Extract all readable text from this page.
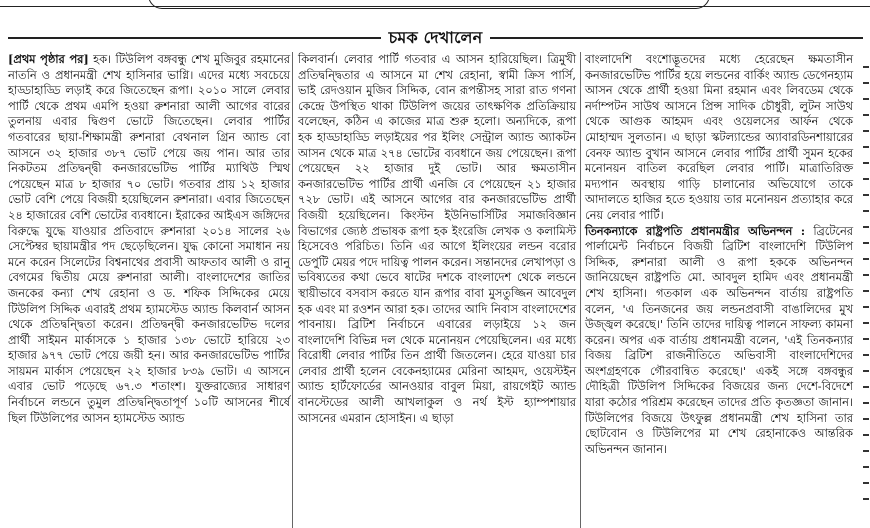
চমক দেখালেন

[প্রথম পৃষ্ঠার পর] হক। টিউলিপ বঙ্গবন্ধু শেখ মুজিবুর রহমানের নাতনি ও প্রধানমন্ত্রী শেখ হাসিনার ভাগ্নি। এদের মধ্যে সবচেয়ে হাড্ডাহাড্ডি লড়াই করে জিতেছেন রূপা। ২০১০ সালে লেবার পার্টি থেকে প্রথম এমপি হওয়া রুশনারা আলী আগের বারের তুলনায় এবার দ্বিগুণ ভোটে জিতেছেন। লেবার পার্টির গতবারের ছায়া-শিক্ষামন্ত্রী রুশনারা বেথনাল গ্রিন অ্যান্ড বো আসনে ৩২ হাজার ৩৮৭ ভোট পেয়ে জয় পান। আর তার নিকটতম প্রতিদ্বন্দ্বী কনজারভেটিভ পার্টির ম্যাথিউ স্মিথ পেয়েছেন মাত্র ৮ হাজার ৭০ ভোট। গতবার প্রায় ১২ হাজার ভোট বেশি পেয়ে বিজয়ী হয়েছিলেন রুশনারা। এবার জিতেছেন ২৪ হাজারের বেশি ভোটের ব্যবধানে। ইরাকের আইএস জঙ্গিদের বিরুদ্ধে যুদ্ধে যাওয়ার প্রতিবাদে রুশনারা ২০১৪ সালের ২৬ সেপ্টেম্বর ছায়ামন্ত্রীর পদ ছেড়েছিলেন। যুদ্ধ কোনো সমাধান নয় মনে করেন সিলেটের বিশ্বনাথের প্রবাসী আফতাব আলী ও রানু বেগমের দ্বিতীয় মেয়ে রুশনারা আলী। বাংলাদেশের জাতির জনকের কন্যা শেখ রেহানা ও ড. শফিক সিদ্দিকের মেয়ে টিউলিপ সিদ্দিক এবারই প্রথম হ্যামস্টেড অ্যান্ড কিলবার্ন আসন থেকে প্রতিদ্বন্দ্বিতা করেন। প্রতিদ্বন্দ্বী কনজারভেটিভ দলের প্রার্থী সাইমন মার্কাসকে ১ হাজার ১৩৮ ভোটে হারিয়ে ২৩ হাজার ৯৭৭ ভোট পেয়ে জয়ী হন। আর কনজারভেটিভ পার্টির সায়মন মার্কাস পেয়েছেন ২২ হাজার ৮৩৯ ভোট। এ আসনে এবার ভোট পড়েছে ৬৭.৩ শতাংশ। যুক্তরাজ্যের সাধারণ নির্বাচনে লন্ডনে তুমুল প্রতিদ্বন্দ্বিতাপূর্ণ ১০টি আসনের শীর্ষে ছিল টিউলিপের আসন হ্যামস্টেড অ্যান্ড

কিলবার্ন। লেবার পার্টি গতবার এ আসন হারিয়েছিল। ত্রিমুখী প্রতিদ্বন্দ্বিতার এ আসনে মা শেখ রেহানা, স্বামী ক্রিস পার্সি, ভাই রেদওয়ান মুজিব সিদ্দিক, বোন রূপন্তীসহ সারা রাত গণনা কেন্দ্রে উপস্থিত থাকা টিউলিপ জয়ের তাৎক্ষণিক প্রতিক্রিয়ায় বলেছেন, কঠিন এ কাজের মাত্র শুরু হলো। অন্যদিকে, রূপা হক হাড্ডাহাড্ডি লড়াইয়ের পর ইলিং সেন্ট্রাল অ্যান্ড অ্যাকটন আসন থেকে মাত্র ২৭৪ ভোটের ব্যবধানে জয় পেয়েছেন। রূপা পেয়েছেন ২২ হাজার দুই ভোট। আর ক্ষমতাসীন কনজারভেটিভ পার্টির প্রার্থী এনজি বে পেয়েছেন ২১ হাজার ৭২৮ ভোট। এই আসনে আগের বার কনজারভেটিভ প্রার্থী বিজয়ী হয়েছিলেন। কিংস্টন ইউনিভার্সিটির সমাজবিজ্ঞান বিভাগের জ্যেষ্ঠ প্রভাষক রূপা হক ইংরেজি লেখক ও কলামিস্ট হিসেবেও পরিচিত। তিনি এর আগে ইলিংয়ের লন্ডন বরোর ডেপুটি মেয়র পদে দায়িত্ব পালন করেন। সন্তানদের লেখাপড়া ও ভবিষ্যতের কথা ভেবে ষাটের দশকে বাংলাদেশ থেকে লন্ডনে স্থায়ীভাবে বসবাস করতে যান রূপার বাবা মুসতুজ্জিন আবেদুল হক এবং মা রওশন আরা হক। তাদের আদি নিবাস বাংলাদেশের পাবনায়। ব্রিটিশ নির্বাচনে এবারের লড়াইয়ে ১২ জন বাংলাদেশি বিভিন্ন দল থেকে মনোনয়ন পেয়েছিলেন। এর মধ্যে বিরোধী লেবার পার্টির তিন প্রার্থী জিতলেন। হেরে যাওয়া চার লেবার প্রার্থী হলেন বেকেনহ্যামের মেরিনা আহমদ, ওয়েস্টইন অ্যান্ড হার্টফোর্ডের আনওয়ার বাবুল মিয়া, রায়গেইট অ্যান্ড বানস্টেডের আলী আখলাকুল ও নর্থ ইস্ট হ্যাম্পশায়ার আসনের এমরান হোসাইন। এ ছাড়া

বাংলাদেশি বংশোদ্ভূতদের মধ্যে হেরেছেন ক্ষমতাসীন কনজারভেটিভ পার্টির হয়ে লন্ডনের বার্কিং অ্যান্ড ডেগেনহ্যাম আসন থেকে প্রার্থী হওয়া মিনা রহমান এবং লিবডেম থেকে নর্দাম্পটন সাউথ আসনে প্রিন্স সাদিক চৌধুরী, লুটন সাউথ থেকে আগুক আহমদ এবং ওয়েলসের আর্ফন থেকে মোহাম্মদ সুলতান। এ ছাড়া স্কটল্যান্ডের অ্যাবারডিনশায়ারের বেনফ অ্যান্ড বুখান আসনে লেবার পার্টির প্রার্থী সুমন হকের মনোনয়ন বাতিল করেছিল লেবার পার্টি। মাত্রাতিরিক্ত মদ্যপান অবস্থায় গাড়ি চালানোর অভিযোগে তাকে আদালতে হাজির হতে হওয়ায় তার মনোনয়ন প্রত্যাহার করে নেয় লেবার পার্টি।

তিনকন্যাকে রাষ্ট্রপতি প্রধানমন্ত্রীর অভিনন্দন : ব্রিটেনের পার্লামেন্ট নির্বাচনে বিজয়ী ব্রিটিশ বাংলাদেশি টিউলিপ সিদ্দিক, রুশনারা আলী ও রূপা হককে অভিনন্দন জানিয়েছেন রাষ্ট্রপতি মো. আবদুল হামিদ এবং প্রধানমন্ত্রী শেখ হাসিনা। গতকাল এক অভিনন্দন বার্তায় রাষ্ট্রপতি বলেন, 'এ তিনজনের জয় লন্ডনপ্রবাসী বাঙালিদের মুখ উজ্জ্বল করেছে।' তিনি তাদের দায়িত্ব পালনে সাফল্য কামনা করেন। অপর এক বার্তায় প্রধানমন্ত্রী বলেন, 'এই তিনকন্যার বিজয় ব্রিটিশ রাজনীতিতে অভিবাসী বাংলাদেশিদের অংশগ্রহণকে গৌরবান্বিত করেছে।' একই সঙ্গে বঙ্গবন্ধুর দৌহিত্রী টিউলিপ সিদ্দিকের বিজয়ের জন্য দেশে-বিদেশে যারা কঠোর পরিশ্রম করেছেন তাদের প্রতি কৃতজ্ঞতা জানান। টিউলিপের বিজয়ে উৎফুল্ল প্রধানমন্ত্রী শেখ হাসিনা তার ছোটবোন ও টিউলিপের মা শেখ রেহানাকেও আন্তরিক অভিনন্দন জানান।
